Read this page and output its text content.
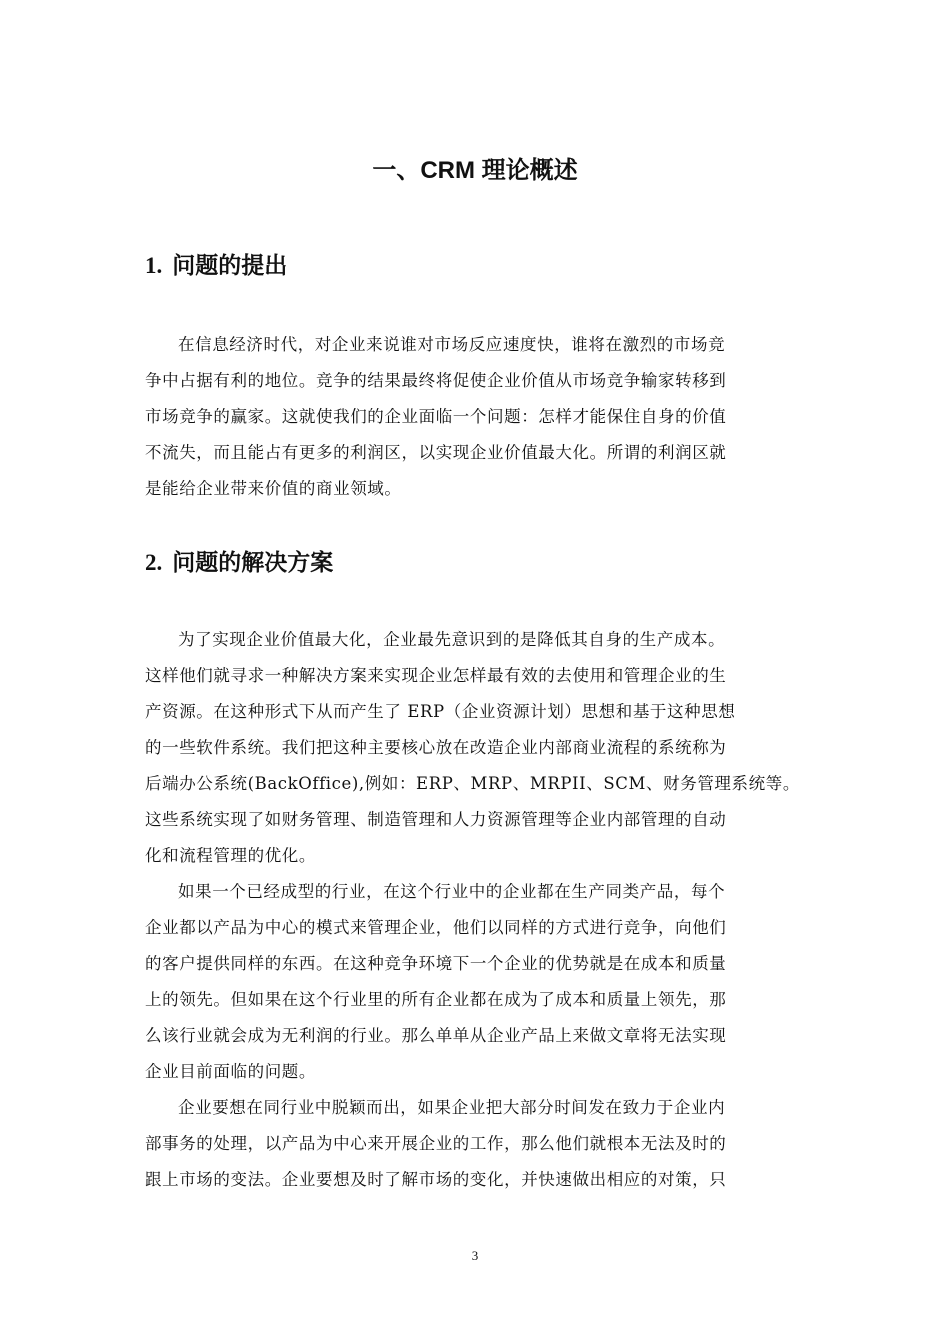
一、CRM 理论概述
1. 问题的提出
在信息经济时代，对企业来说谁对市场反应速度快，谁将在激烈的市场竞
争中占据有利的地位。竞争的结果最终将促使企业价值从市场竞争输家转移到
市场竞争的赢家。这就使我们的企业面临一个问题：怎样才能保住自身的价值
不流失，而且能占有更多的利润区，以实现企业价值最大化。所谓的利润区就
是能给企业带来价值的商业领域。
2. 问题的解决方案
为了实现企业价值最大化，企业最先意识到的是降低其自身的生产成本。
这样他们就寻求一种解决方案来实现企业怎样最有效的去使用和管理企业的生
产资源。在这种形式下从而产生了 ERP（企业资源计划）思想和基于这种思想
的一些软件系统。我们把这种主要核心放在改造企业内部商业流程的系统称为
后端办公系统(BackOffice),例如：ERP、MRP、MRPII、SCM、财务管理系统等。
这些系统实现了如财务管理、制造管理和人力资源管理等企业内部管理的自动
化和流程管理的优化。
如果一个已经成型的行业，在这个行业中的企业都在生产同类产品，每个
企业都以产品为中心的模式来管理企业，他们以同样的方式进行竞争，向他们
的客户提供同样的东西。在这种竞争环境下一个企业的优势就是在成本和质量
上的领先。但如果在这个行业里的所有企业都在成为了成本和质量上领先，那
么该行业就会成为无利润的行业。那么单单从企业产品上来做文章将无法实现
企业目前面临的问题。
企业要想在同行业中脱颖而出，如果企业把大部分时间发在致力于企业内
部事务的处理，以产品为中心来开展企业的工作，那么他们就根本无法及时的
跟上市场的变法。企业要想及时了解市场的变化，并快速做出相应的对策，只
3
